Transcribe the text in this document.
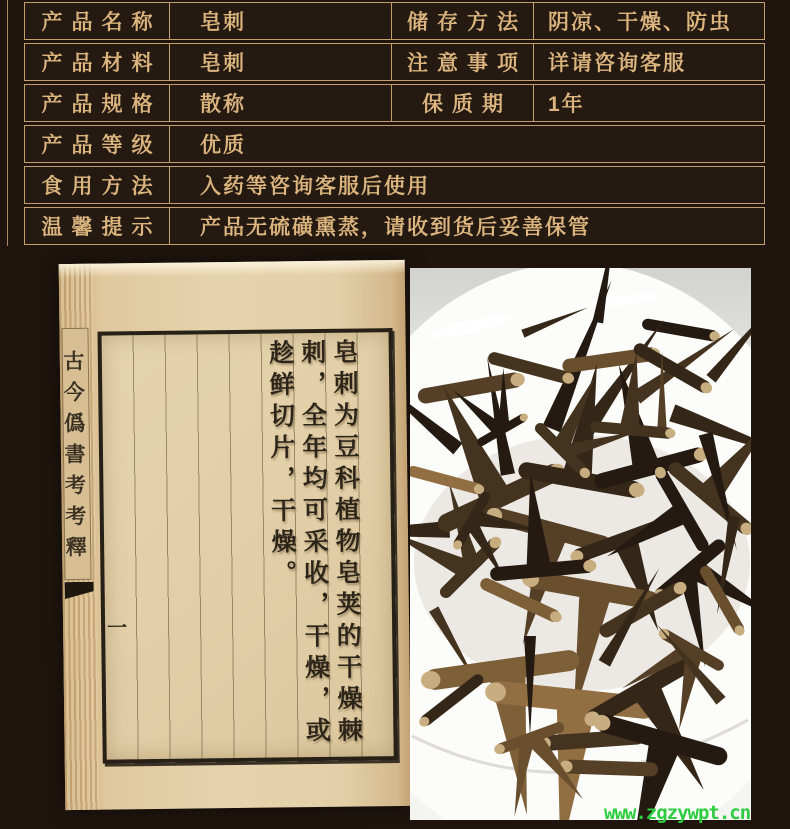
产品名称	皂刺	储存方法	阴凉、干燥、防虫
产品材料	皂刺	注意事项	详请咨询客服
产品规格	散称	保质期	1年
产品等级	优质
食用方法	入药等咨询客服后使用
温馨提示	产品无硫磺熏蒸，请收到货后妥善保管
古今僞書考考釋
一	皂刺为豆科植物皂荚的干燥棘刺，全年均可采收，干燥，或趁鲜切片，干燥。
www.zgzywpt.cn
